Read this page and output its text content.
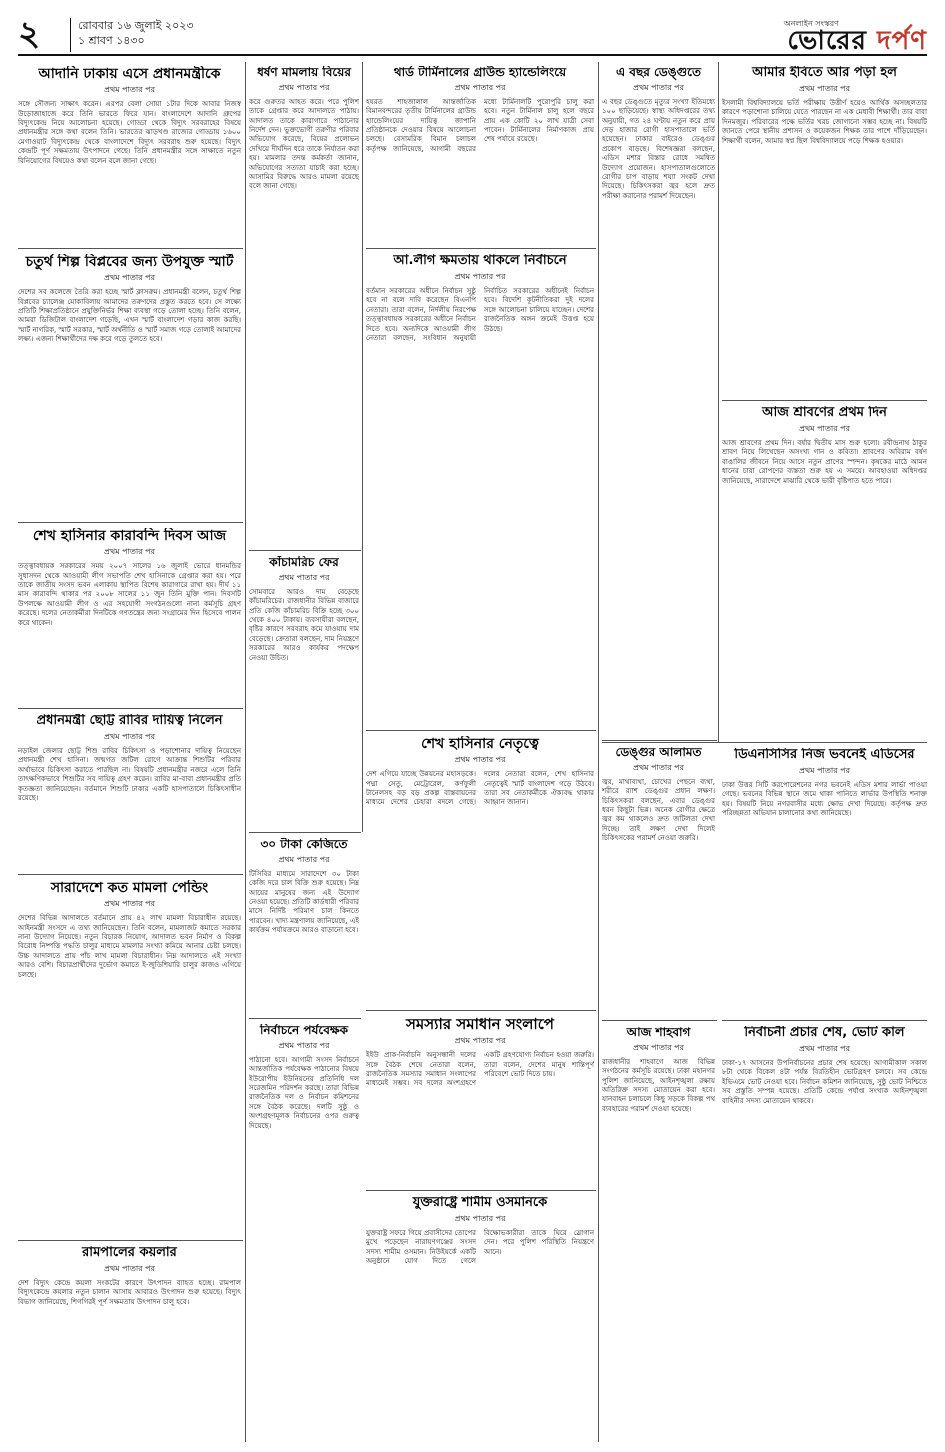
২	রোববার ১৬ জুলাই ২০২৩
১ শ্রাবণ ১৪৩০
অনলাইন সংস্করণ
ভোরের দর্পণ
আদানি ঢাকায় এসে প্রধানমন্ত্রীকে
প্রথম পাতার পর
সঙ্গে সৌজন্য সাক্ষাৎ করেন। এরপর বেলা সোয়া ১টার দিকে আবার নিজস্ব উড়োজাহাজে করে তিনি ভারতে ফিরে যান। বাংলাদেশে আদানি গ্রুপের বিদ্যুৎকেন্দ্র নিয়ে আলোচনা হয়েছে। গোড্ডা থেকে বিদ্যুৎ সরবরাহের বিষয়ে প্রধানমন্ত্রীর সঙ্গে কথা বলেন তিনি। ভারতের ঝাড়খণ্ড রাজ্যের গোড্ডায় ১৬০০ মেগাওয়াট বিদ্যুৎকেন্দ্র থেকে বাংলাদেশে বিদ্যুৎ সরবরাহ শুরু হয়েছে। বিদ্যুৎ কেন্দ্রটি পূর্ণ সক্ষমতায় উৎপাদনে গেছে। তিনি প্রধানমন্ত্রীর সঙ্গে সাক্ষাতে নতুন বিনিয়োগের বিষয়েও কথা বলেন বলে জানা গেছে।
চতুর্থ শিল্প বিপ্লবের জন্য উপযুক্ত স্মার্ট
প্রথম পাতার পর
দেশের সব কলেজে তৈরি করা হচ্ছে স্মার্ট ক্লাসরুম। প্রধানমন্ত্রী বলেন, চতুর্থ শিল্প বিপ্লবের চ্যালেঞ্জ মোকাবিলায় আমাদের তরুণদের প্রস্তুত করতে হবে। সে লক্ষ্যে প্রতিটি শিক্ষাপ্রতিষ্ঠানে প্রযুক্তিনির্ভর শিক্ষা ব্যবস্থা গড়ে তোলা হচ্ছে। তিনি বলেন, আমরা ডিজিটাল বাংলাদেশ গড়েছি, এখন স্মার্ট বাংলাদেশ গড়ার কাজ করছি। স্মার্ট নাগরিক, স্মার্ট সরকার, স্মার্ট অর্থনীতি ও স্মার্ট সমাজ গড়ে তোলাই আমাদের লক্ষ্য। এজন্য শিক্ষার্থীদের দক্ষ করে গড়ে তুলতে হবে।
শেখ হাসিনার কারাবন্দি দিবস আজ
প্রথম পাতার পর
তত্ত্বাবধায়ক সরকারের সময় ২০০৭ সালের ১৬ জুলাই ভোরে ধানমন্ডির সুধাসদন থেকে আওয়ামী লীগ সভাপতি শেখ হাসিনাকে গ্রেপ্তার করা হয়। পরে তাকে জাতীয় সংসদ ভবন এলাকায় স্থাপিত বিশেষ কারাগারে রাখা হয়। দীর্ঘ ১১ মাস কারাবন্দি থাকার পর ২০০৮ সালের ১১ জুন তিনি মুক্তি পান। দিবসটি উপলক্ষে আওয়ামী লীগ ও এর সহযোগী সংগঠনগুলো নানা কর্মসূচি গ্রহণ করেছে। দলের নেতাকর্মীরা দিনটিকে গণতন্ত্রের জন্য সংগ্রামের দিন হিসেবে পালন করে থাকেন।
প্রধানমন্ত্রী ছোট্ট রাবির দায়িত্ব নিলেন
প্রথম পাতার পর
নড়াইল জেলার ছোট্ট শিশু রাবির চিকিৎসা ও পড়াশোনার দায়িত্ব নিয়েছেন প্রধানমন্ত্রী শেখ হাসিনা। জন্মগত জটিল রোগে আক্রান্ত শিশুটির পরিবার অর্থাভাবে চিকিৎসা করাতে পারছিল না। বিষয়টি প্রধানমন্ত্রীর নজরে এলে তিনি তাৎক্ষণিকভাবে শিশুটির সব দায়িত্ব গ্রহণ করেন। রাবির মা-বাবা প্রধানমন্ত্রীর প্রতি কৃতজ্ঞতা জানিয়েছেন। বর্তমানে শিশুটি ঢাকার একটি হাসপাতালে চিকিৎসাধীন রয়েছে।
সারাদেশে কত মামলা পেন্ডিং
প্রথম পাতার পর
দেশের বিভিন্ন আদালতে বর্তমানে প্রায় ৪২ লাখ মামলা বিচারাধীন রয়েছে। আইনমন্ত্রী সংসদে এ তথ্য জানিয়েছেন। তিনি বলেন, মামলাজট কমাতে সরকার নানা উদ্যোগ নিয়েছে। নতুন বিচারক নিয়োগ, আদালত ভবন নির্মাণ ও বিকল্প বিরোধ নিষ্পত্তি পদ্ধতি চালুর মাধ্যমে মামলার সংখ্যা কমিয়ে আনার চেষ্টা চলছে। উচ্চ আদালতে প্রায় পাঁচ লাখ মামলা বিচারাধীন। নিম্ন আদালতে এই সংখ্যা আরও বেশি। বিচারপ্রার্থীদের দুর্ভোগ কমাতে ই-জুডিশিয়ারি চালুর কাজও এগিয়ে চলছে।
রামপালের কয়লার
প্রথম পাতার পর
দেশ বিদ্যুৎ কেন্দ্রে কয়লা সংকটের কারণে উৎপাদন ব্যাহত হচ্ছে। রামপাল বিদ্যুৎকেন্দ্রে কয়লার নতুন চালান আসায় আবারও উৎপাদন শুরু হয়েছে। বিদ্যুৎ বিভাগ জানিয়েছে, শিগগিরই পূর্ণ সক্ষমতায় উৎপাদন চালু হবে।
ধর্ষণ মামলায় বিয়ের
প্রথম পাতার পর
করে গুরুতর আহত করে। পরে পুলিশ তাকে গ্রেপ্তার করে আদালতে পাঠায়। আদালত তাকে কারাগারে পাঠানোর নির্দেশ দেন। ভুক্তভোগী তরুণীর পরিবার অভিযোগ করেছে, বিয়ের প্রলোভন দেখিয়ে দীর্ঘদিন ধরে তাকে নির্যাতন করা হয়। মামলার তদন্ত কর্মকর্তা জানান, অভিযোগের সত্যতা যাচাই করা হচ্ছে। আসামির বিরুদ্ধে আরও মামলা রয়েছে বলে জানা গেছে।
কাঁচামরিচ ফের
প্রথম পাতার পর
সোমবারে আরও দাম বেড়েছে কাঁচামরিচের। রাজধানীর বিভিন্ন বাজারে প্রতি কেজি কাঁচামরিচ বিক্রি হচ্ছে ৩০০ থেকে ৪০০ টাকায়। ব্যবসায়ীরা বলছেন, বৃষ্টির কারণে সরবরাহ কমে যাওয়ায় দাম বেড়েছে। ক্রেতারা বলছেন, দাম নিয়ন্ত্রণে সরকারের আরও কার্যকর পদক্ষেপ নেওয়া উচিত।
৩০ টাকা কেজিতে
প্রথম পাতার পর
টিসিবির মাধ্যমে সারাদেশে ৩০ টাকা কেজি দরে চাল বিক্রি শুরু হয়েছে। নিম্ন আয়ের মানুষের জন্য এই উদ্যোগ নেওয়া হয়েছে। প্রতিটি কার্ডধারী পরিবার মাসে নির্দিষ্ট পরিমাণ চাল কিনতে পারবেন। খাদ্য মন্ত্রণালয় জানিয়েছে, এই কার্যক্রম পর্যায়ক্রমে আরও বাড়ানো হবে।
নির্বাচনে পর্যবেক্ষক
প্রথম পাতার পর
পাঠানো হবে। আগামী সংসদ নির্বাচনে আন্তর্জাতিক পর্যবেক্ষক পাঠানোর বিষয়ে ইউরোপীয় ইউনিয়নের প্রতিনিধি দল সরেজমিন পরিদর্শন করছে। তারা বিভিন্ন রাজনৈতিক দল ও নির্বাচন কমিশনের সঙ্গে বৈঠক করেছে। দলটি সুষ্ঠু ও অংশগ্রহণমূলক নির্বাচনের ওপর গুরুত্ব দিয়েছে।
থার্ড টার্মিনালের গ্রাউন্ড হ্যান্ডেলিংয়ে
প্রথম পাতার পর
হযরত শাহজালাল আন্তর্জাতিক বিমানবন্দরের তৃতীয় টার্মিনালের গ্রাউন্ড হ্যান্ডেলিংয়ের দায়িত্ব জাপানি প্রতিষ্ঠানকে দেওয়ার বিষয়ে আলোচনা চলছে। বেসামরিক বিমান চলাচল কর্তৃপক্ষ জানিয়েছে, আগামী বছরের মধ্যে টার্মিনালটি পুরোপুরি চালু করা হবে। নতুন টার্মিনাল চালু হলে বছরে প্রায় এক কোটি ২০ লাখ যাত্রী সেবা পাবেন। টার্মিনালের নির্মাণকাজ প্রায় শেষ পর্যায়ে রয়েছে।
আ.লীগ ক্ষমতায় থাকলে নির্বাচনে
প্রথম পাতার পর
বর্তমান সরকারের অধীনে নির্বাচন সুষ্ঠু হবে না বলে দাবি করেছেন বিএনপি নেতারা। তারা বলেন, নির্দলীয় নিরপেক্ষ তত্ত্বাবধায়ক সরকারের অধীনে নির্বাচন দিতে হবে। অন্যদিকে আওয়ামী লীগ নেতারা বলছেন, সংবিধান অনুযায়ী নির্বাচিত সরকারের অধীনেই নির্বাচন হবে। বিদেশি কূটনীতিকরা দুই দলের সঙ্গে আলোচনা চালিয়ে যাচ্ছেন। দেশের রাজনৈতিক অঙ্গন ক্রমেই উত্তপ্ত হয়ে উঠছে।
শেখ হাসিনার নেতৃত্বে
প্রথম পাতার পর
দেশ এগিয়ে যাচ্ছে উন্নয়নের মহাসড়কে। পদ্মা সেতু, মেট্রোরেল, কর্ণফুলী টানেলসহ বড় বড় প্রকল্প বাস্তবায়নের মাধ্যমে দেশের চেহারা বদলে গেছে। দলের নেতারা বলেন, শেখ হাসিনার নেতৃত্বেই স্মার্ট বাংলাদেশ গড়ে উঠবে। তারা সব নেতাকর্মীকে ঐক্যবদ্ধ থাকার আহ্বান জানান।
সমস্যার সমাধান সংলাপে
প্রথম পাতার পর
ইইউ প্রাক-নির্বাচনি অনুসন্ধানী দলের সঙ্গে বৈঠক শেষে নেতারা বলেন, রাজনৈতিক সমস্যার সমাধান সংলাপের মাধ্যমেই সম্ভব। সব দলের অংশগ্রহণে একটি গ্রহণযোগ্য নির্বাচন হওয়া জরুরি। তারা বলেন, দেশের মানুষ শান্তিপূর্ণ পরিবেশে ভোট দিতে চায়।
যুক্তরাষ্ট্রে শামীম ওসমানকে
প্রথম পাতার পর
যুক্তরাষ্ট্র সফরে গিয়ে প্রবাসীদের তোপের মুখে পড়েছেন নারায়ণগঞ্জের সংসদ সদস্য শামীম ওসমান। নিউইয়র্কে একটি অনুষ্ঠানে যোগ দিতে গেলে বিক্ষোভকারীরা তাকে ঘিরে স্লোগান দেন। পরে পুলিশ পরিস্থিতি নিয়ন্ত্রণে আনে।
এ বছর ডেঙ্গুতে
প্রথম পাতার পর
এ বছর ডেঙ্গুতে মৃত্যুর সংখ্যা ইতিমধ্যে ১০০ ছাড়িয়েছে। স্বাস্থ্য অধিদপ্তরের তথ্য অনুযায়ী, গত ২৪ ঘণ্টায় নতুন করে প্রায় দেড় হাজার রোগী হাসপাতালে ভর্তি হয়েছেন। ঢাকার বাইরেও ডেঙ্গুর প্রকোপ বাড়ছে। বিশেষজ্ঞরা বলছেন, এডিস মশার বিস্তার রোধে সমন্বিত উদ্যোগ প্রয়োজন। হাসপাতালগুলোতে রোগীর চাপ বাড়ায় শয্যা সংকট দেখা দিয়েছে। চিকিৎসকরা জ্বর হলে দ্রুত পরীক্ষা করানোর পরামর্শ দিয়েছেন।
ডেঙ্গুর আলামত
প্রথম পাতার পর
জ্বর, মাথাব্যথা, চোখের পেছনে ব্যথা, শরীরে র‍্যাশ ডেঙ্গুর প্রধান লক্ষণ। চিকিৎসকরা বলছেন, এবার ডেঙ্গুর ধরন কিছুটা ভিন্ন। অনেক রোগীর ক্ষেত্রে জ্বর কম থাকলেও দ্রুত জটিলতা দেখা দিচ্ছে। তাই লক্ষণ দেখা দিলেই চিকিৎসকের পরামর্শ নেওয়া জরুরি।
আজ শাহবাগ
প্রথম পাতার পর
রাজধানীর শাহবাগে আজ বিভিন্ন সংগঠনের কর্মসূচি রয়েছে। ঢাকা মহানগর পুলিশ জানিয়েছে, আইনশৃঙ্খলা রক্ষায় অতিরিক্ত সদস্য মোতায়েন করা হবে। যানবাহন চলাচলে কিছু সড়কে বিকল্প পথ ব্যবহারের পরামর্শ দেওয়া হয়েছে।
আমার ইবিতে আর পড়া হল
প্রথম পাতার পর
ইসলামী বিশ্ববিদ্যালয়ে ভর্তি পরীক্ষায় উত্তীর্ণ হয়েও আর্থিক অসচ্ছলতার কারণে পড়াশোনা চালিয়ে যেতে পারছেন না এক মেধাবী শিক্ষার্থী। তার বাবা দিনমজুর। পরিবারের পক্ষে ভর্তির খরচ জোগানো সম্ভব হচ্ছে না। বিষয়টি জানতে পেরে স্থানীয় প্রশাসন ও কয়েকজন শিক্ষক তার পাশে দাঁড়িয়েছেন। শিক্ষার্থী বলেন, আমার স্বপ্ন ছিল বিশ্ববিদ্যালয়ে পড়ে শিক্ষক হওয়ার।
আজ শ্রাবণের প্রথম দিন
প্রথম পাতার পর
আজ শ্রাবণের প্রথম দিন। বর্ষার দ্বিতীয় মাস শুরু হলো। রবীন্দ্রনাথ ঠাকুর শ্রাবণ নিয়ে লিখেছেন অসংখ্য গান ও কবিতা। শ্রাবণের অবিরাম বর্ষণ বাঙালির জীবনে নিয়ে আসে নতুন প্রাণের স্পন্দন। কৃষকের মাঠে আমন ধানের চারা রোপণের ব্যস্ততা শুরু হয় এ সময়ে। আবহাওয়া অধিদপ্তর জানিয়েছে, সারাদেশে মাঝারি থেকে ভারী বৃষ্টিপাত হতে পারে।
ডিএনসিসির নিজ ভবনেই এডিসের
প্রথম পাতার পর
ঢাকা উত্তর সিটি করপোরেশনের নগর ভবনেই এডিস মশার লার্ভা পাওয়া গেছে। ভবনের বিভিন্ন স্থানে জমে থাকা পানিতে লার্ভার উপস্থিতি শনাক্ত হয়। বিষয়টি নিয়ে নগরবাসীর মধ্যে ক্ষোভ দেখা দিয়েছে। কর্তৃপক্ষ দ্রুত পরিচ্ছন্নতা অভিযান চালানোর কথা জানিয়েছে।
নির্বাচনী প্রচার শেষ, ভোট কাল
প্রথম পাতার পর
ঢাকা-১৭ আসনের উপনির্বাচনের প্রচার শেষ হয়েছে। আগামীকাল সকাল ৮টা থেকে বিকেল ৪টা পর্যন্ত বিরতিহীন ভোটগ্রহণ চলবে। সব কেন্দ্রে ইভিএমে ভোট নেওয়া হবে। নির্বাচন কমিশন জানিয়েছে, সুষ্ঠু ভোট নিশ্চিতে সব প্রস্তুতি সম্পন্ন হয়েছে। প্রতিটি কেন্দ্রে পর্যাপ্ত সংখ্যক আইনশৃঙ্খলা বাহিনীর সদস্য মোতায়েন থাকবে।
